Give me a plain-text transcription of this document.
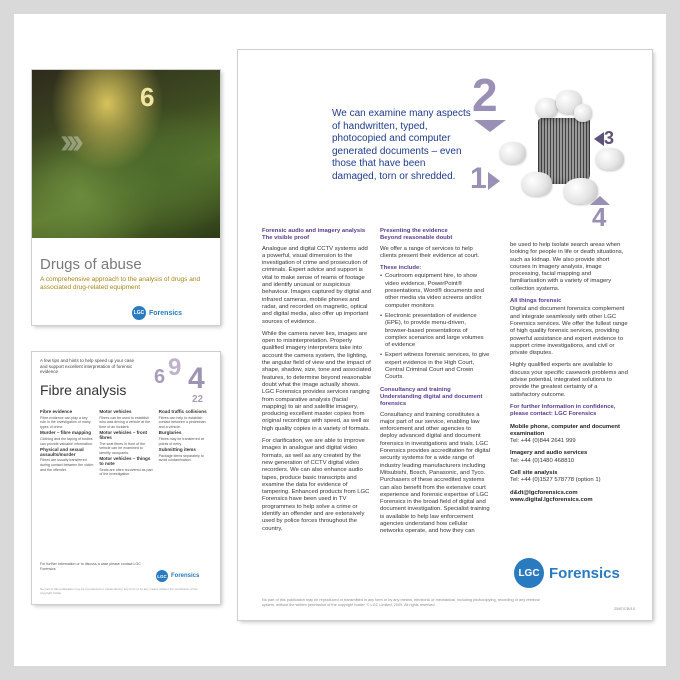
›››
6
Drugs of abuse
A comprehensive approach to the analysis of drugs and associated drug-related equipment
LGC Forensics
A few tips and hints to help speed up your case and support excellent interpretation of forensic evidence	6 9 4
22
Fibre analysis
Fibre evidence
Fibre evidence can play a key role in the investigation of many types of crime.
Murder – fibre mapping
Clothing and the taping of bodies can provide valuable information.
Physical and sexual assaults/murder
Fibres are usually transferred during contact between the victim and the offender.
Motor vehicles
Fibres can be used to establish who was driving a vehicle at the time of an incident.
Motor vehicles – front fibres
The seat fibres in front of the vehicle can be examined to identify occupants.
Motor vehicles – things to note
Seats are often recovered as part of the investigation.
Road traffic collisions
Fibres can help to establish contact between a pedestrian and a vehicle.
Burglaries
Fibres may be transferred at points of entry.
Submitting items
Package items separately to avoid contamination.
For further information or to discuss a case please contact LGC Forensics
LGC Forensics
No part of this publication may be reproduced or transmitted in any form or by any means without the permission of the copyright holder.
We can examine many aspects of handwritten, typed, photocopied and computer generated documents – even those that have been damaged, torn or shredded.
2
3
1
4

Forensic audio and imagery analysis

The visible proof

Analogue and digital CCTV systems add a powerful, visual dimension to the investigation of crime and prosecution of criminals. Expert advice and support is vital to make sense of reams of footage and identify unusual or suspicious behaviour. Images captured by digital and infrared cameras, mobile phones and radar, and recorded on magnetic, optical and digital media, also offer up important sources of evidence.

While the camera never lies, images are open to misinterpretation. Properly qualified imagery interpreters take into account the camera system, the lighting, the angular field of view and the impact of shape, shadow, size, tone and associated features, to determine beyond reasonable doubt what the image actually shows. LGC Forensics provides services ranging from comparative analysis (facial mapping) to air and satellite imagery, producing excellent master copies from original recordings with speed, as well as high quality copies in a variety of formats.

For clarification, we are able to improve images in analogue and digital video formats, as well as any created by the new generation of CCTV digital video recorders. We can also enhance audio tapes, produce basic transcripts and examine the data for evidence of tampering. Enhanced products from LGC Forensics have been used in TV programmes to help solve a crime or identify an offender and are extensively used by police forces throughout the country.

Presenting the evidence

Beyond reasonable doubt

We offer a range of services to help clients present their evidence at court.

These include:

• Courtroom equipment hire, to show video evidence, PowerPoint® presentations, Word® documents and other media via video screens and/or computer monitors
• Electronic presentation of evidence (EPE), to provide menu-driven, browser-based presentations of complex scenarios and large volumes of evidence
• Expert witness forensic services, to give expert evidence in the High Court, Central Criminal Court and Crown Courts.

Consultancy and training

Understanding digital and document forensics

Consultancy and training constitutes a major part of our service, enabling law enforcement and other agencies to deploy advanced digital and document forensics in investigations and trials. LGC Forensics provides accreditation for digital security systems for a wide range of industry leading manufacturers including Mitsubishi, Bosch, Panasonic, and Tyco. Purchasers of these accredited systems can also benefit from the extensive court experience and forensic expertise of LGC Forensics in the broad field of digital and document investigation. Specialist training is available to help law enforcement agencies understand how cellular networks operate, and how they can

be used to help isolate search areas when looking for people in life or death situations, such as kidnap. We also provide short courses in imagery analysis, image processing, facial mapping and familiarisation with a variety of imagery collection systems.

All things forensic

Digital and document forensics complement and integrate seamlessly with other LGC Forensics services. We offer the fullest range of high quality forensic services, providing powerful assistance and expert evidence to support crime investigations, and civil or private disputes.

Highly qualified experts are available to discuss your specific casework problems and advise potential, integrated solutions to provide the greatest certainty of a satisfactory outcome.

For further information in confidence, please contact: LGC Forensics

Mobile phone, computer and document examination

Tel: +44 (0)844 2641 999

Imagery and audio services

Tel: +44 (0)1480 468810

Cell site analysis

Tel: +44 (0)1527 578778 (option 1)

d&dt@lgcforensics.com

www.digital.lgcforensics.com

LGC Forensics
No part of this publication may be reproduced or transmitted in any form or by any means, electronic or mechanical, including photocopying, recording or any retrieval system, without the written permission of the copyright holder. © LGC Limited, 2009. All rights reserved.
2587/CB/10
